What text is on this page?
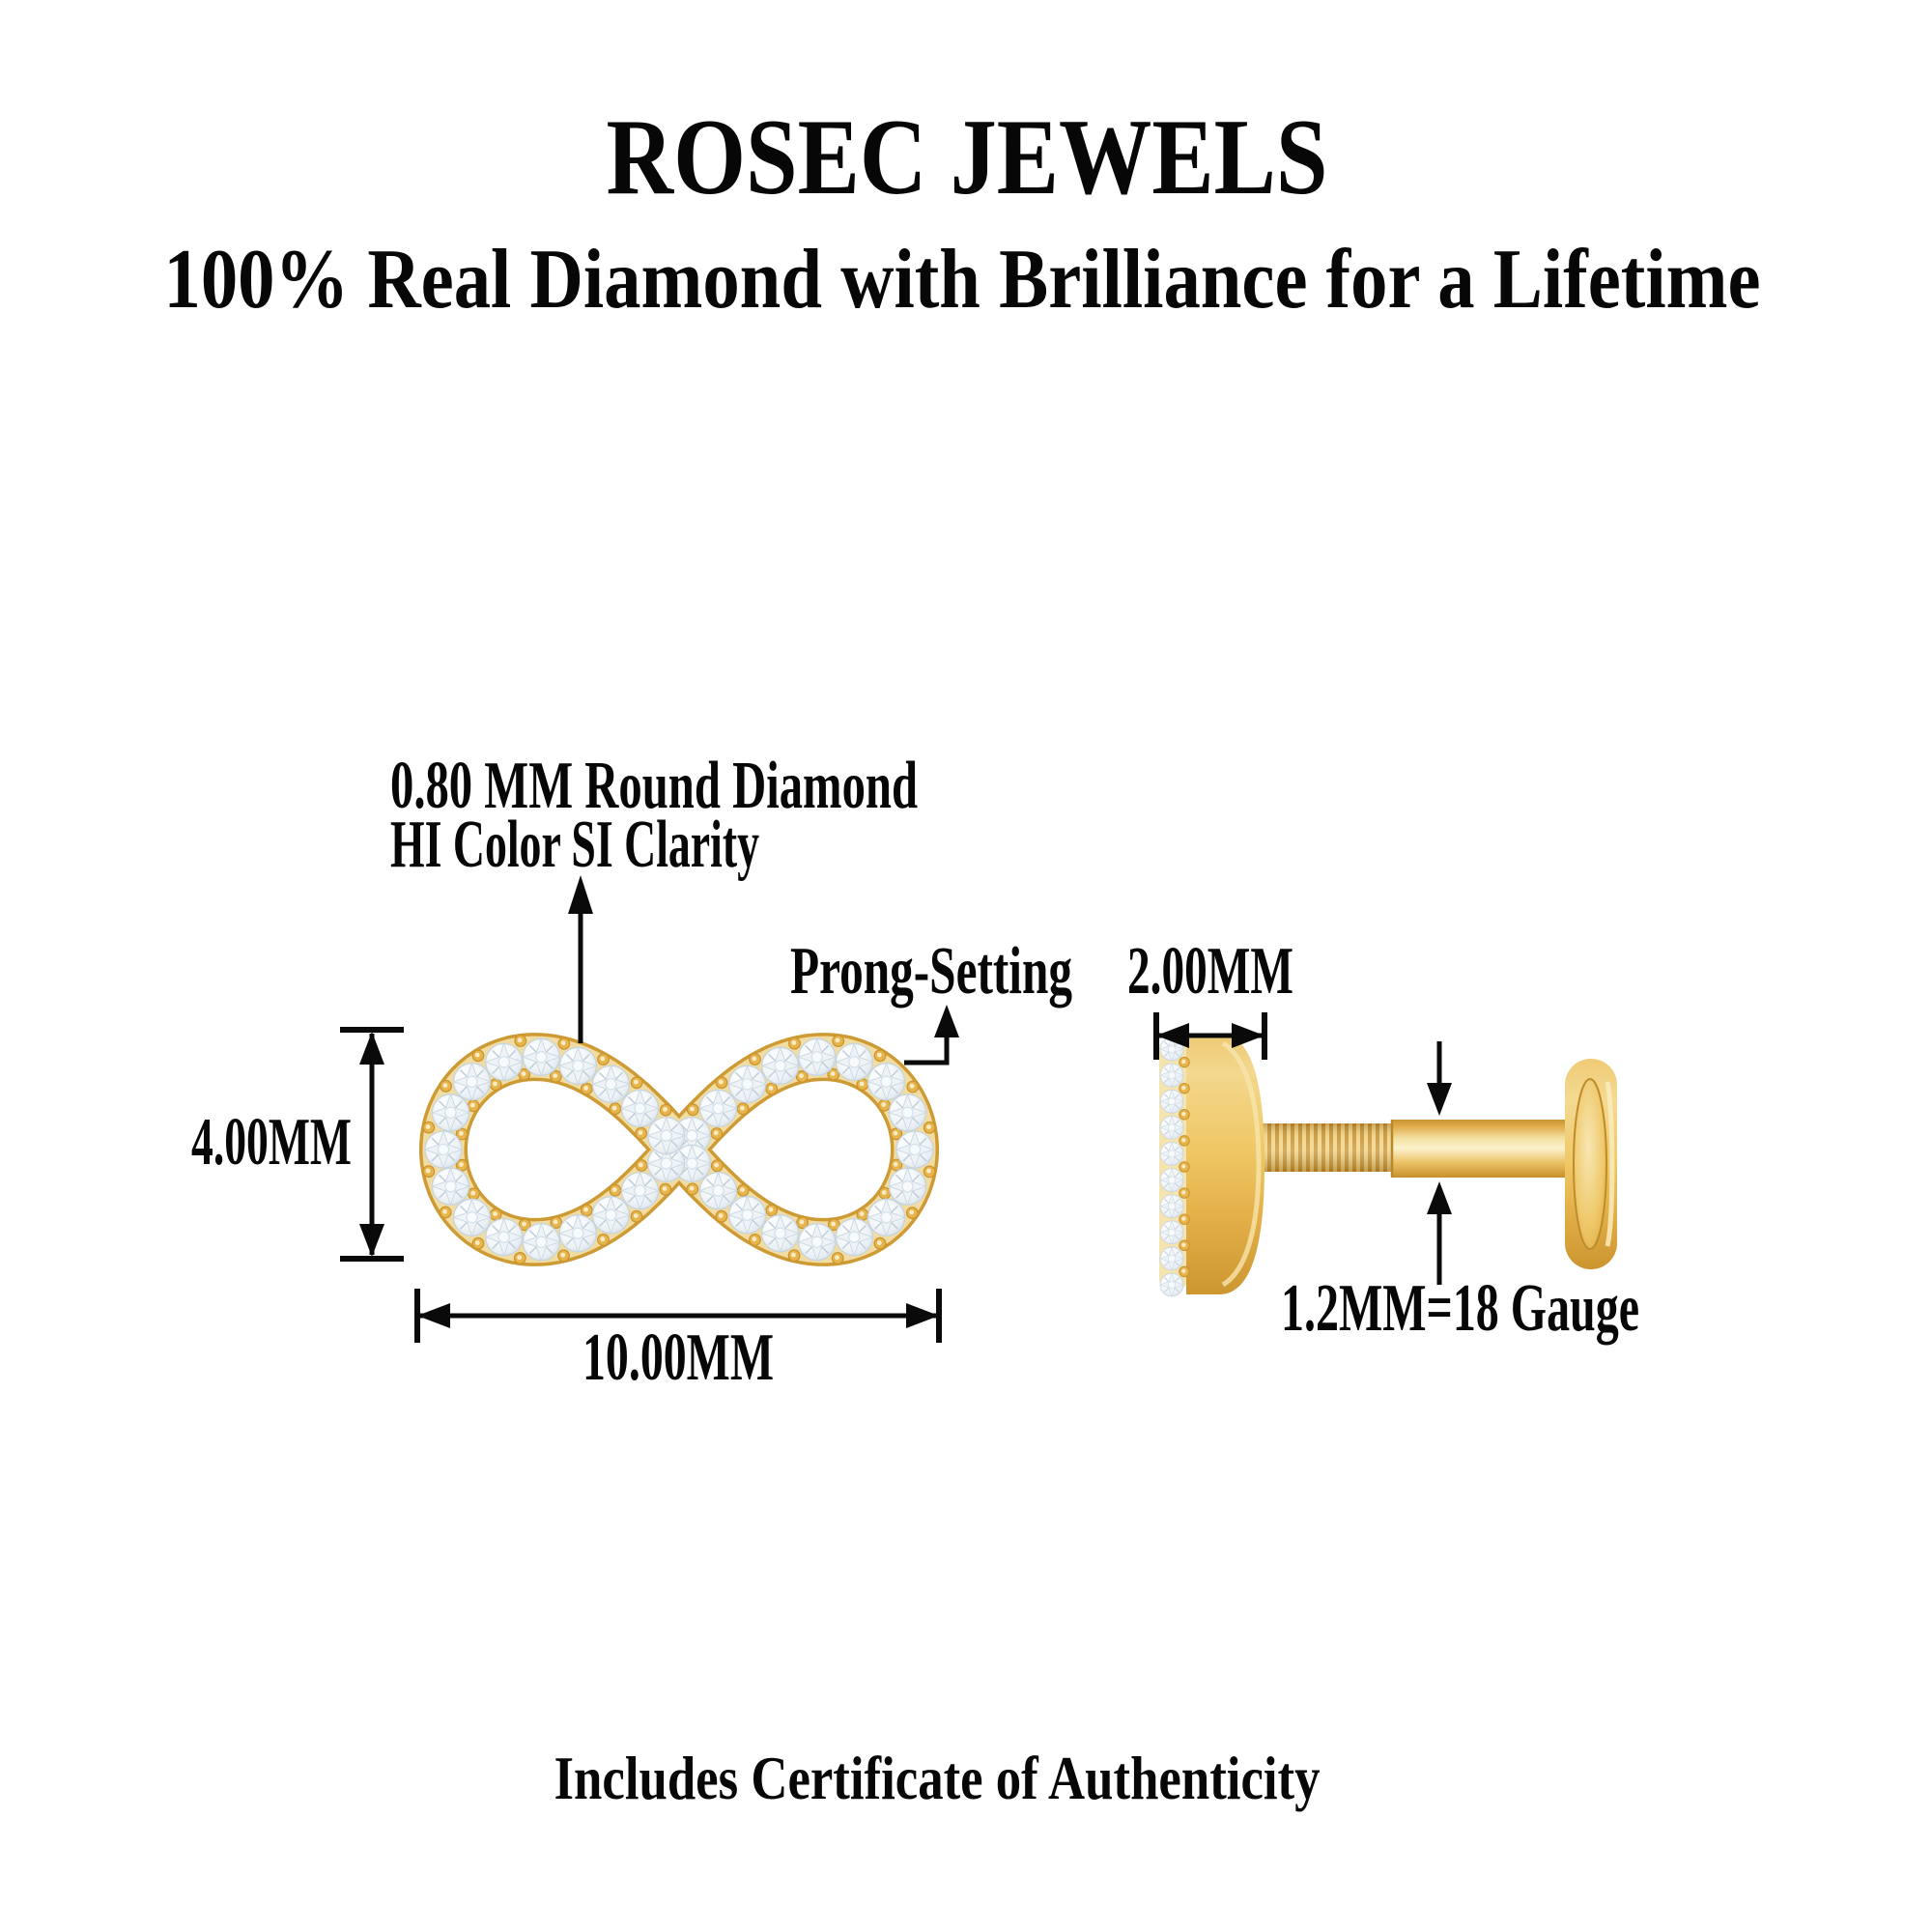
ROSEC JEWELS
100% Real Diamond with Brilliance for a Lifetime
0.80 MM Round Diamond
HI Color SI Clarity
Prong-Setting
4.00MM
10.00MM
2.00MM
1.2MM=18 Gauge
Includes Certificate of Authenticity
